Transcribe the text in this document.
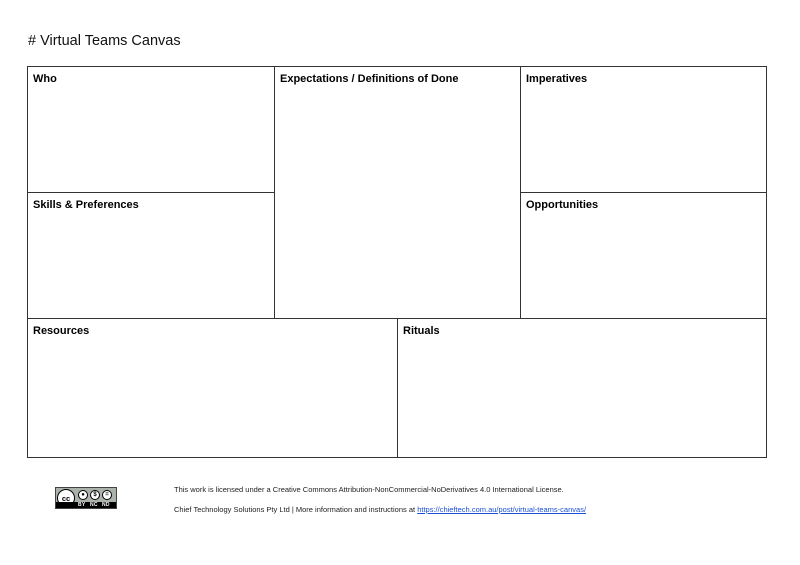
# Virtual Teams Canvas
Who
Skills & Preferences
Expectations / Definitions of Done	Imperatives
Opportunities
Resources	Rituals
cc	●	$	=
BY NC ND
This work is licensed under a Creative Commons Attribution-NonCommercial-NoDerivatives 4.0 International License.
Chief Technology Solutions Pty Ltd | More information and instructions at https://chieftech.com.au/post/virtual-teams-canvas/
